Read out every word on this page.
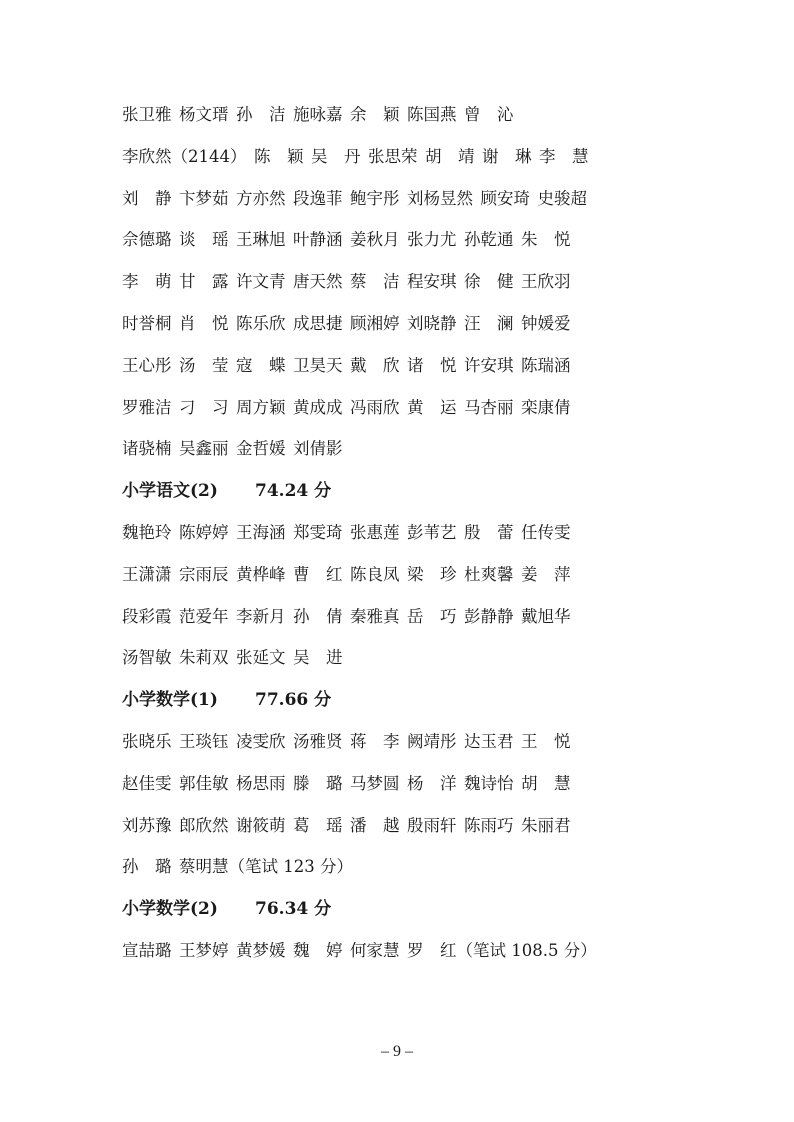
张卫雅 杨文瑨 孙　洁 施咏嘉 余　颖 陈国燕 曾　沁
李欣然（2144） 陈　颖 吴　丹 张思荣 胡　靖 谢　琳 李　慧
刘　静 卞梦茹 方亦然 段逸菲 鲍宇彤 刘杨昱然 顾安琦 史骏超
佘德璐 谈　瑶 王琳旭 叶静涵 姜秋月 张力尤 孙乾通 朱　悦
李　萌 甘　露 许文青 唐天然 蔡　洁 程安琪 徐　健 王欣羽
时誉桐 肖　悦 陈乐欣 成思捷 顾湘婷 刘晓静 汪　澜 钟媛爱
王心彤 汤　莹 寇　蝶 卫昊天 戴　欣 诸　悦 许安琪 陈瑞涵
罗雅洁 刁　习 周方颖 黄成成 冯雨欣 黄　运 马杏丽 栾康倩
诸骁楠 吴鑫丽 金哲媛 刘倩影
小学语文(2)	74.24 分
魏艳玲 陈婷婷 王海涵 郑雯琦 张惠莲 彭苇艺 殷　蕾 任传雯
王潇潇 宗雨辰 黄桦峰 曹　红 陈良凤 梁　珍 杜爽馨 姜　萍
段彩霞 范爱年 李新月 孙　倩 秦雅真 岳　巧 彭静静 戴旭华
汤智敏 朱莉双 张延文 吴　进
小学数学(1)	77.66 分
张晓乐 王琰钰 凌雯欣 汤雅贤 蒋　李 阙靖彤 达玉君 王　悦
赵佳雯 郭佳敏 杨思雨 滕　璐 马梦圆 杨　洋 魏诗怡 胡　慧
刘苏豫 郎欣然 谢筱萌 葛　瑶 潘　越 殷雨轩 陈雨巧 朱丽君
孙　璐 蔡明慧（笔试 123 分）
小学数学(2)	76.34 分
宣喆璐 王梦婷 黄梦媛 魏　婷 何家慧 罗　红（笔试 108.5 分）
– 9 –
